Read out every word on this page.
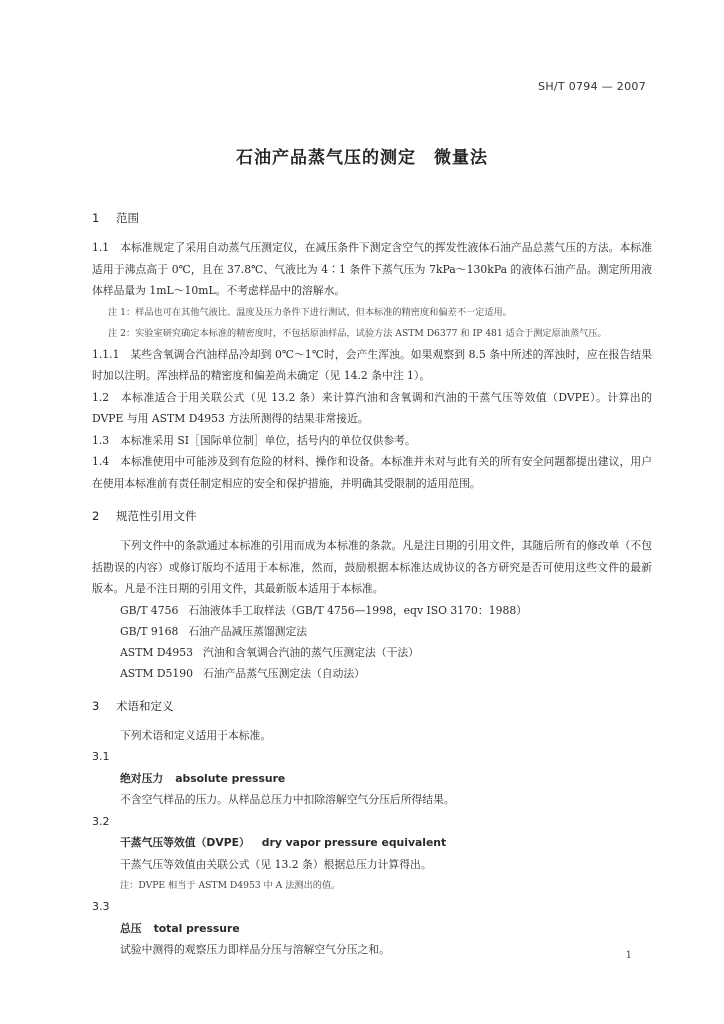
SH/T 0794 — 2007
石油产品蒸气压的测定　微量法

1 范围

1.1　本标准规定了采用自动蒸气压测定仪，在减压条件下测定含空气的挥发性液体石油产品总蒸气压的方法。本标准适用于沸点高于 0℃，且在 37.8℃、气液比为 4∶1 条件下蒸气压为 7kPa～130kPa 的液体石油产品。测定所用液体样品量为 1mL～10mL。不考虑样品中的溶解水。

注 1：样品也可在其他气液比、温度及压力条件下进行测试，但本标准的精密度和偏差不一定适用。

注 2：实验室研究确定本标准的精密度时，不包括原油样品，试验方法 ASTM D6377 和 IP 481 适合于测定原油蒸气压。

1.1.1　某些含氧调合汽油样品冷却到 0℃～1℃时，会产生浑浊。如果观察到 8.5 条中所述的浑浊时，应在报告结果时加以注明。浑浊样品的精密度和偏差尚未确定（见 14.2 条中注 1）。

1.2　本标准适合于用关联公式（见 13.2 条）来计算汽油和含氧调和汽油的干蒸气压等效值（DVPE）。计算出的 DVPE 与用 ASTM D4953 方法所测得的结果非常接近。

1.3　本标准采用 SI［国际单位制］单位，括号内的单位仅供参考。

1.4　本标准使用中可能涉及到有危险的材料、操作和设备。本标准并未对与此有关的所有安全问题都提出建议，用户在使用本标准前有责任制定相应的安全和保护措施，并明确其受限制的适用范围。

2 规范性引用文件

下列文件中的条款通过本标准的引用而成为本标准的条款。凡是注日期的引用文件，其随后所有的修改单（不包括勘误的内容）或修订版均不适用于本标准，然而，鼓励根据本标准达成协议的各方研究是否可使用这些文件的最新版本。凡是不注日期的引用文件，其最新版本适用于本标准。

GB/T 4756 石油液体手工取样法（GB/T 4756—1998，eqv ISO 3170：1988）

GB/T 9168 石油产品减压蒸馏测定法

ASTM D4953 汽油和含氧调合汽油的蒸气压测定法（干法）

ASTM D5190 石油产品蒸气压测定法（自动法）

3 术语和定义

下列术语和定义适用于本标准。

3.1

绝对压力 absolute pressure

不含空气样品的压力。从样品总压力中扣除溶解空气分压后所得结果。

3.2

干蒸气压等效值（DVPE） dry vapor pressure equivalent

干蒸气压等效值由关联公式（见 13.2 条）根据总压力计算得出。

注：DVPE 相当于 ASTM D4953 中 A 法测出的值。

3.3

总压 total pressure

试验中测得的观察压力即样品分压与溶解空气分压之和。	1
